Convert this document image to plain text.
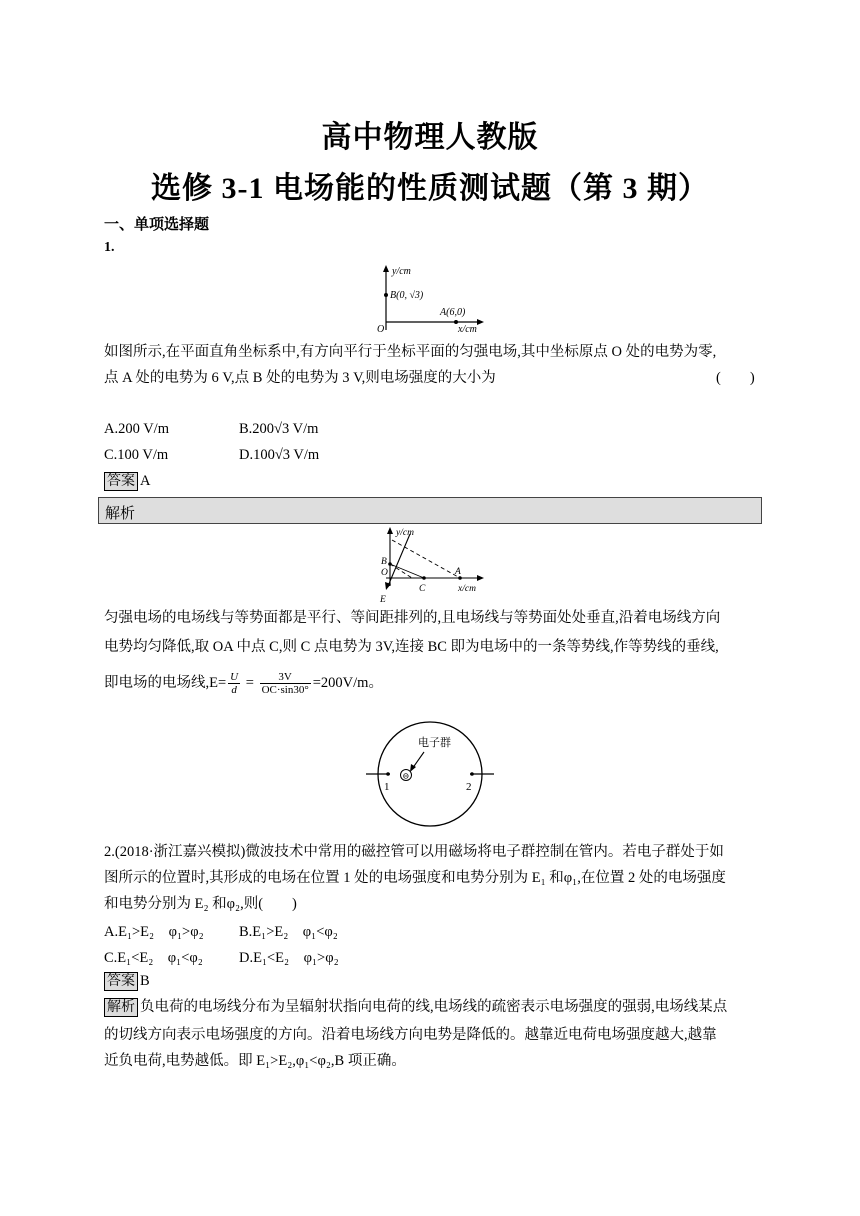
高中物理人教版
选修 3-1 电场能的性质测试题（第 3 期）
一、单项选择题
1.
y/cm
B(0, √3)
A(6,0)
O	x/cm
如图所示,在平面直角坐标系中,有方向平行于坐标平面的匀强电场,其中坐标原点 O 处的电势为零,
点 A 处的电势为 6 V,点 B 处的电势为 3 V,则电场强度的大小为	(　　)
A.200 V/m	B.200√3 V/m
C.100 V/m	D.100√3 V/m
答案 A
解析
y/cm
B
O
C
A
x/cm
E
匀强电场的电场线与等势面都是平行、等间距排列的,且电场线与等势面处处垂直,沿着电场线方向
电势均匀降低,取 OA 中点 C,则 C 点电势为 3V,连接 BC 即为电场中的一条等势线,作等势线的垂线,
即电场的电场线$,E= \frac{U}{d} = \frac{3V}{OC\cdot\sin 30^\circ} =200V/m$。
⊖
电子群
1	2
2.(2018·浙江嘉兴模拟)微波技术中常用的磁控管可以用磁场将电子群控制在管内。若电子群处于如
图所示的位置时,其形成的电场在位置 1 处的电场强度和电势分别为 E₁ 和φ₁,在位置 2 处的电场强度
和电势分别为 E₂ 和φ₂,则(　　)
A.E₁>E₂　φ₁>φ₂ B.E₁>E₂　φ₁<φ₂
C.E₁<E₂　φ₁<φ₂ D.E₁<E₂　φ₁>φ₂
答案 B
解析 负电荷的电场线分布为呈辐射状指向电荷的线,电场线的疏密表示电场强度的强弱,电场线某点
的切线方向表示电场强度的方向。沿着电场线方向电势是降低的。越靠近电荷电场强度越大,越靠
近负电荷,电势越低。即 E₁>E₂,φ₁<φ₂,B 项正确。
